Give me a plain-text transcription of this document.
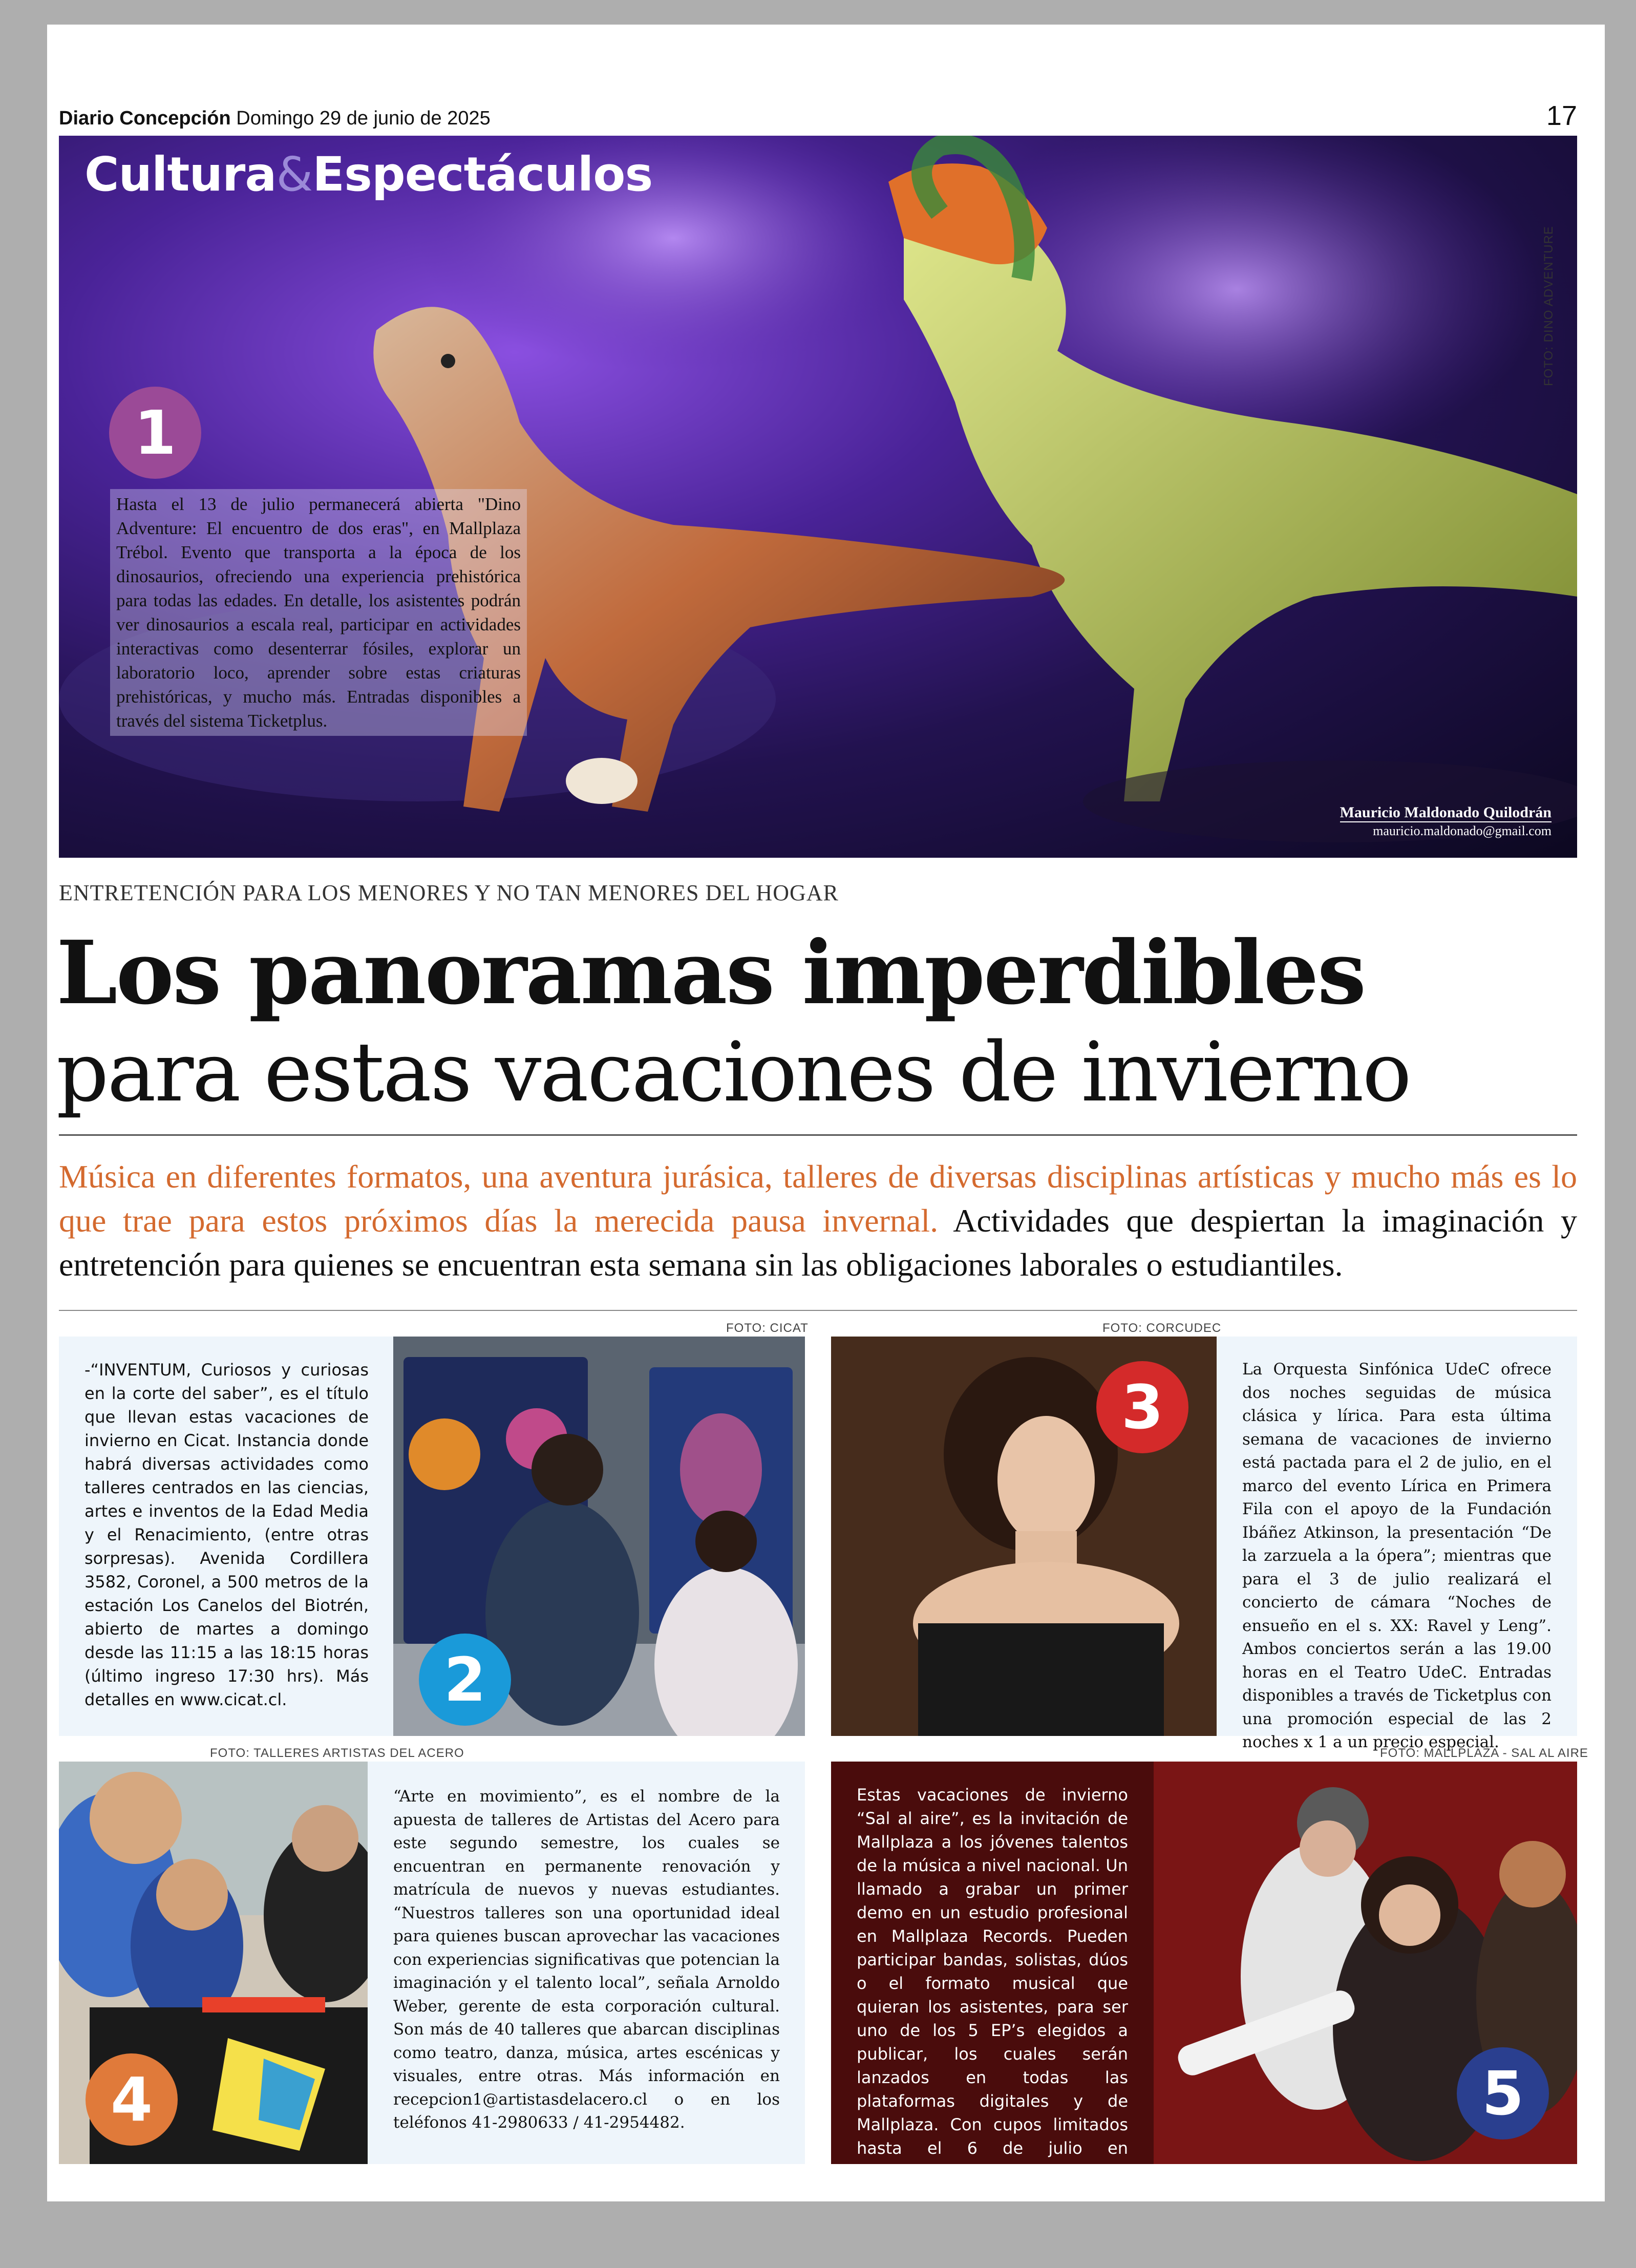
Diario Concepción Domingo 29 de junio de 2025	17
Cultura&Espectáculos
1
Hasta el 13 de julio permanecerá abierta "Dino Adventure: El encuentro de dos eras", en Mallplaza Trébol. Evento que transporta a la época de los dinosaurios, ofreciendo una experiencia prehistórica para todas las edades. En detalle, los asistentes podrán ver dinosaurios a escala real, participar en actividades interactivas como desenterrar fósiles, explorar un laboratorio loco, aprender sobre estas criaturas prehistóricas, y mucho más. Entradas disponibles a través del sistema Ticketplus.
Mauricio Maldonado Quilodrán
mauricio.maldonado@gmail.com
FOTO: DINO ADVENTURE
ENTRETENCIÓN PARA LOS MENORES Y NO TAN MENORES DEL HOGAR
Los panoramas imperdibles
para estas vacaciones de invierno
Música en diferentes formatos, una aventura jurásica, talleres de diversas disciplinas artísticas y mucho más es lo que trae para estos próximos días la merecida pausa invernal. Actividades que despiertan la imaginación y entretención para quienes se encuentran esta semana sin las obligaciones laborales o estudiantiles.
-“INVENTUM, Curiosos y curiosas en la corte del saber”, es el título que llevan estas vacaciones de invierno en Cicat. Instancia donde habrá diversas actividades como talleres centrados en las ciencias, artes e inventos de la Edad Media y el Renacimiento, (entre otras sorpresas). Avenida Cordillera 3582, Coronel, a 500 metros de la estación Los Canelos del Biotrén, abierto de martes a domingo desde las 11:15 a las 18:15 horas (último ingreso 17:30 hrs). Más detalles en www.cicat.cl.
FOTO: CICAT
2
FOTO: CORCUDEC
3
La Orquesta Sinfónica UdeC ofrece dos noches seguidas de música clásica y lírica. Para esta última semana de vacaciones de invierno está pactada para el 2 de julio, en el marco del evento Lírica en Primera Fila con el apoyo de la Fundación Ibáñez Atkinson, la presentación “De la zarzuela a la ópera”; mientras que para el 3 de julio realizará el concierto de cámara “Noches de ensueño en el s. XX: Ravel y Leng”. Ambos conciertos serán a las 19.00 horas en el Teatro UdeC. Entradas disponibles a través de Ticketplus con una promoción especial de las 2 noches x 1 a un precio especial.
FOTO: TALLERES ARTISTAS DEL ACERO
4
“Arte en movimiento”, es el nombre de la apuesta de talleres de Artistas del Acero para este segundo semestre, los cuales se encuentran en permanente renovación y matrícula de nuevos y nuevas estudiantes. “Nuestros talleres son una oportunidad ideal para quienes buscan aprovechar las vacaciones con experiencias significativas que potencian la imaginación y el talento local”, señala Arnoldo Weber, gerente de esta corporación cultural. Son más de 40 talleres que abarcan disciplinas como teatro, danza, música, artes escénicas y visuales, entre otras. Más información en recepcion1@artistasdelacero.cl o en los teléfonos 41-2980633 / 41-2954482.
FOTO: MALLPLAZA - SAL AL AIRE
5
Estas vacaciones de invierno “Sal al aire”, es la invitación de Mallplaza a los jóvenes talentos de la música a nivel nacional. Un llamado a grabar un primer demo en un estudio profesional en Mallplaza Records. Pueden participar bandas, solistas, dúos o el formato musical que quieran los asistentes, para ser uno de los 5 EP’s elegidos a publicar, los cuales serán lanzados en todas las plataformas digitales y de Mallplaza. Con cupos limitados hasta el 6 de julio en mallplaza.com.
